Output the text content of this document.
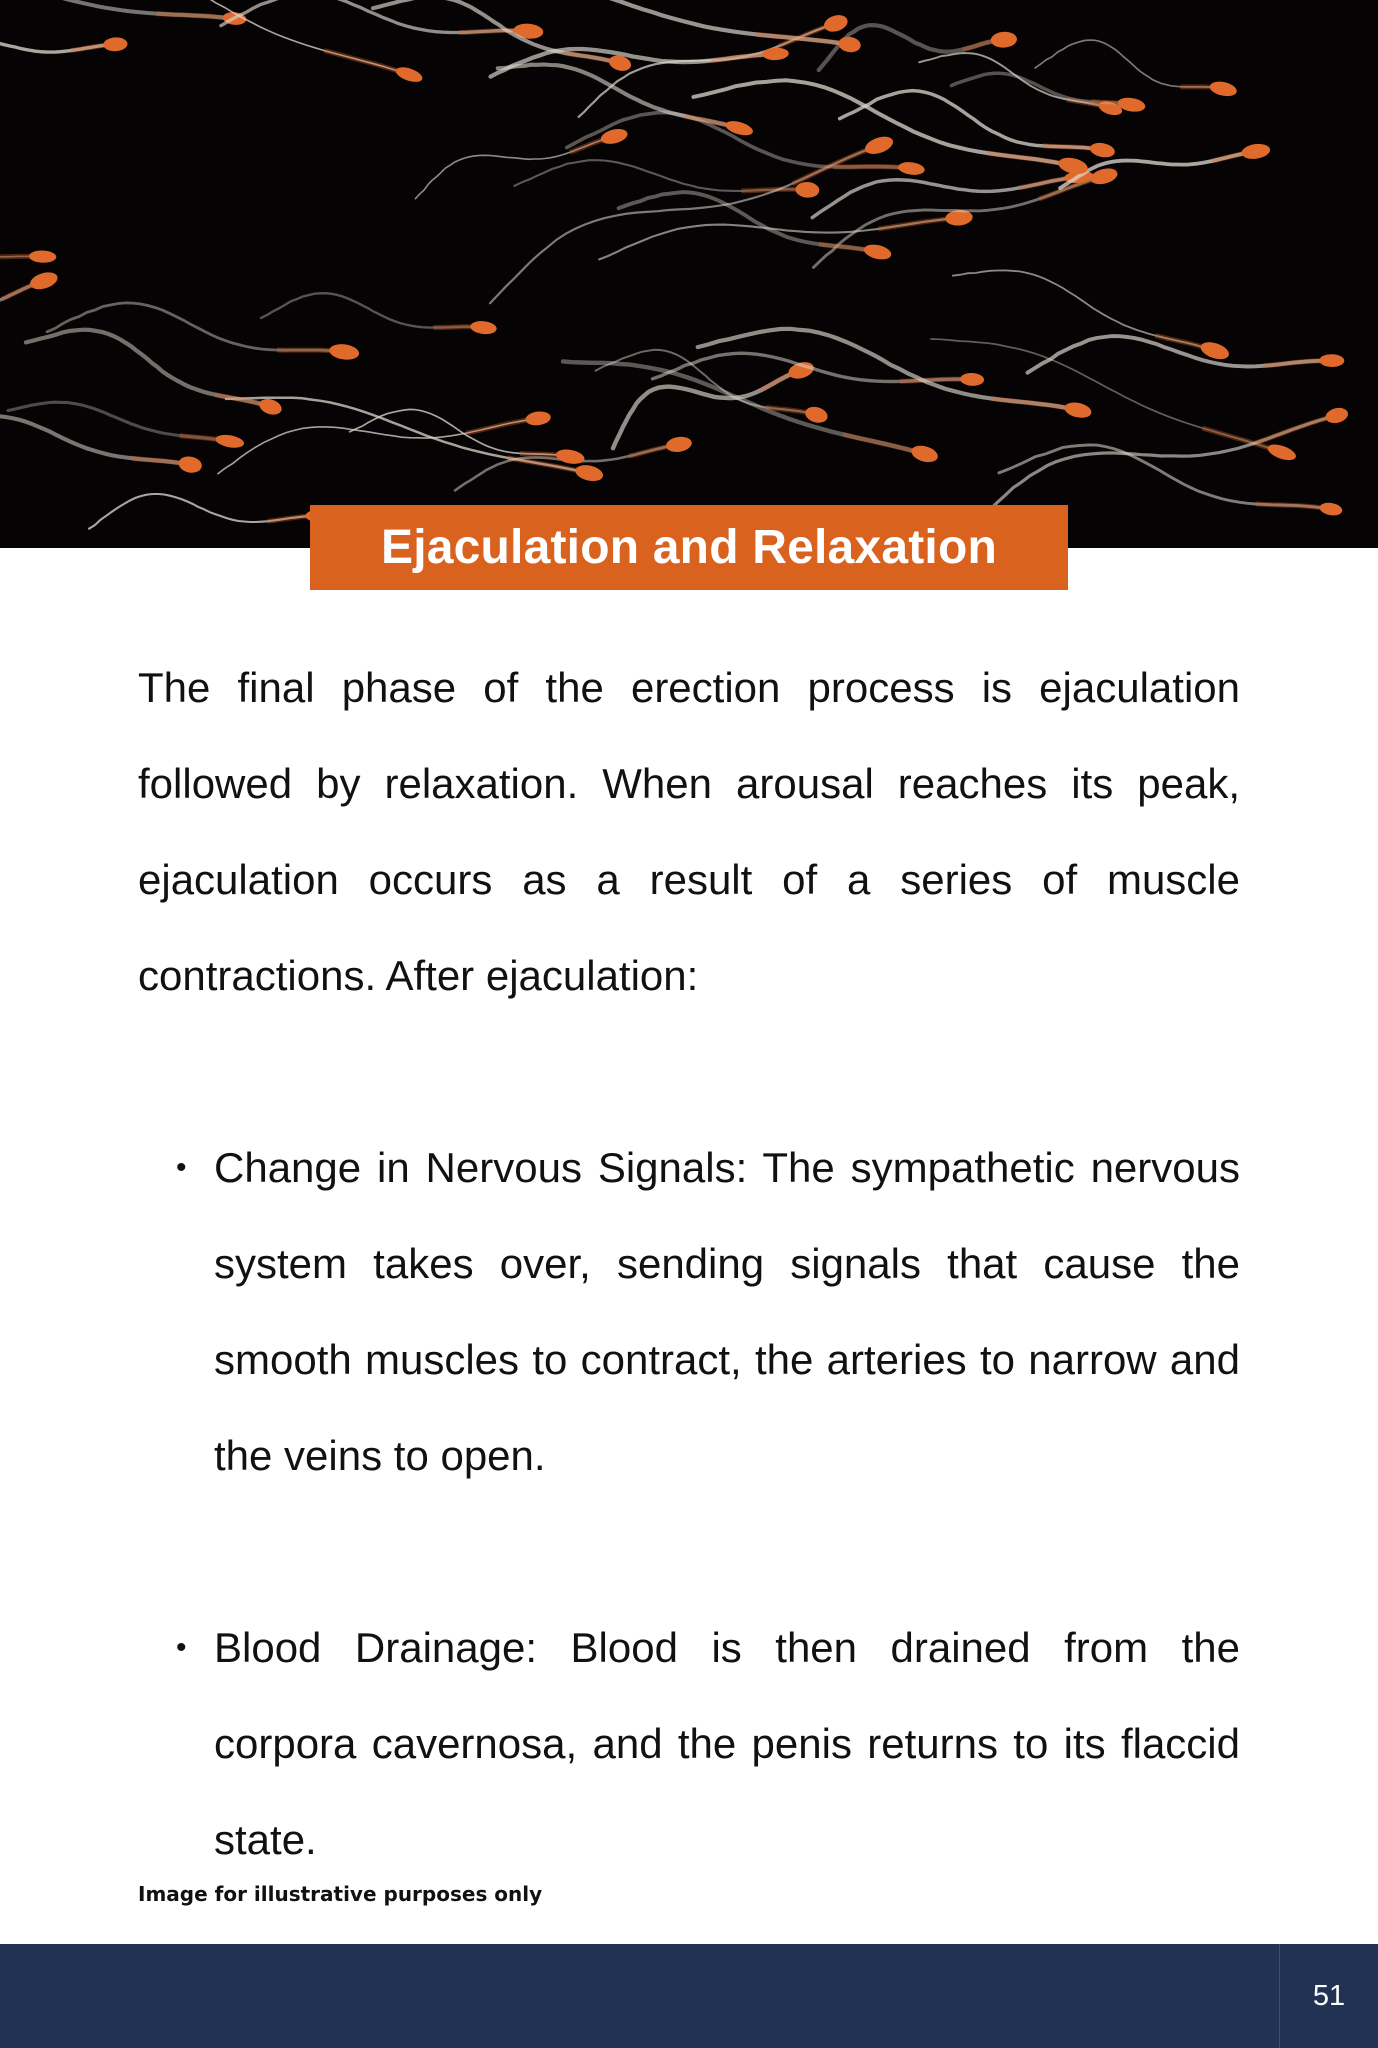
Ejaculation and Relaxation

The final phase of the erection process is ejaculation followed by relaxation. When arousal reaches its peak, ejaculation occurs as a result of a series of muscle contractions. After ejaculation:

• Change in Nervous Signals: The sympathetic nervous system takes over, sending signals that cause the smooth muscles to contract, the arteries to narrow and the veins to open.
• Blood Drainage: Blood is then drained from the corpora cavernosa, and the penis returns to its flaccid state.
Image for illustrative purposes only
51
